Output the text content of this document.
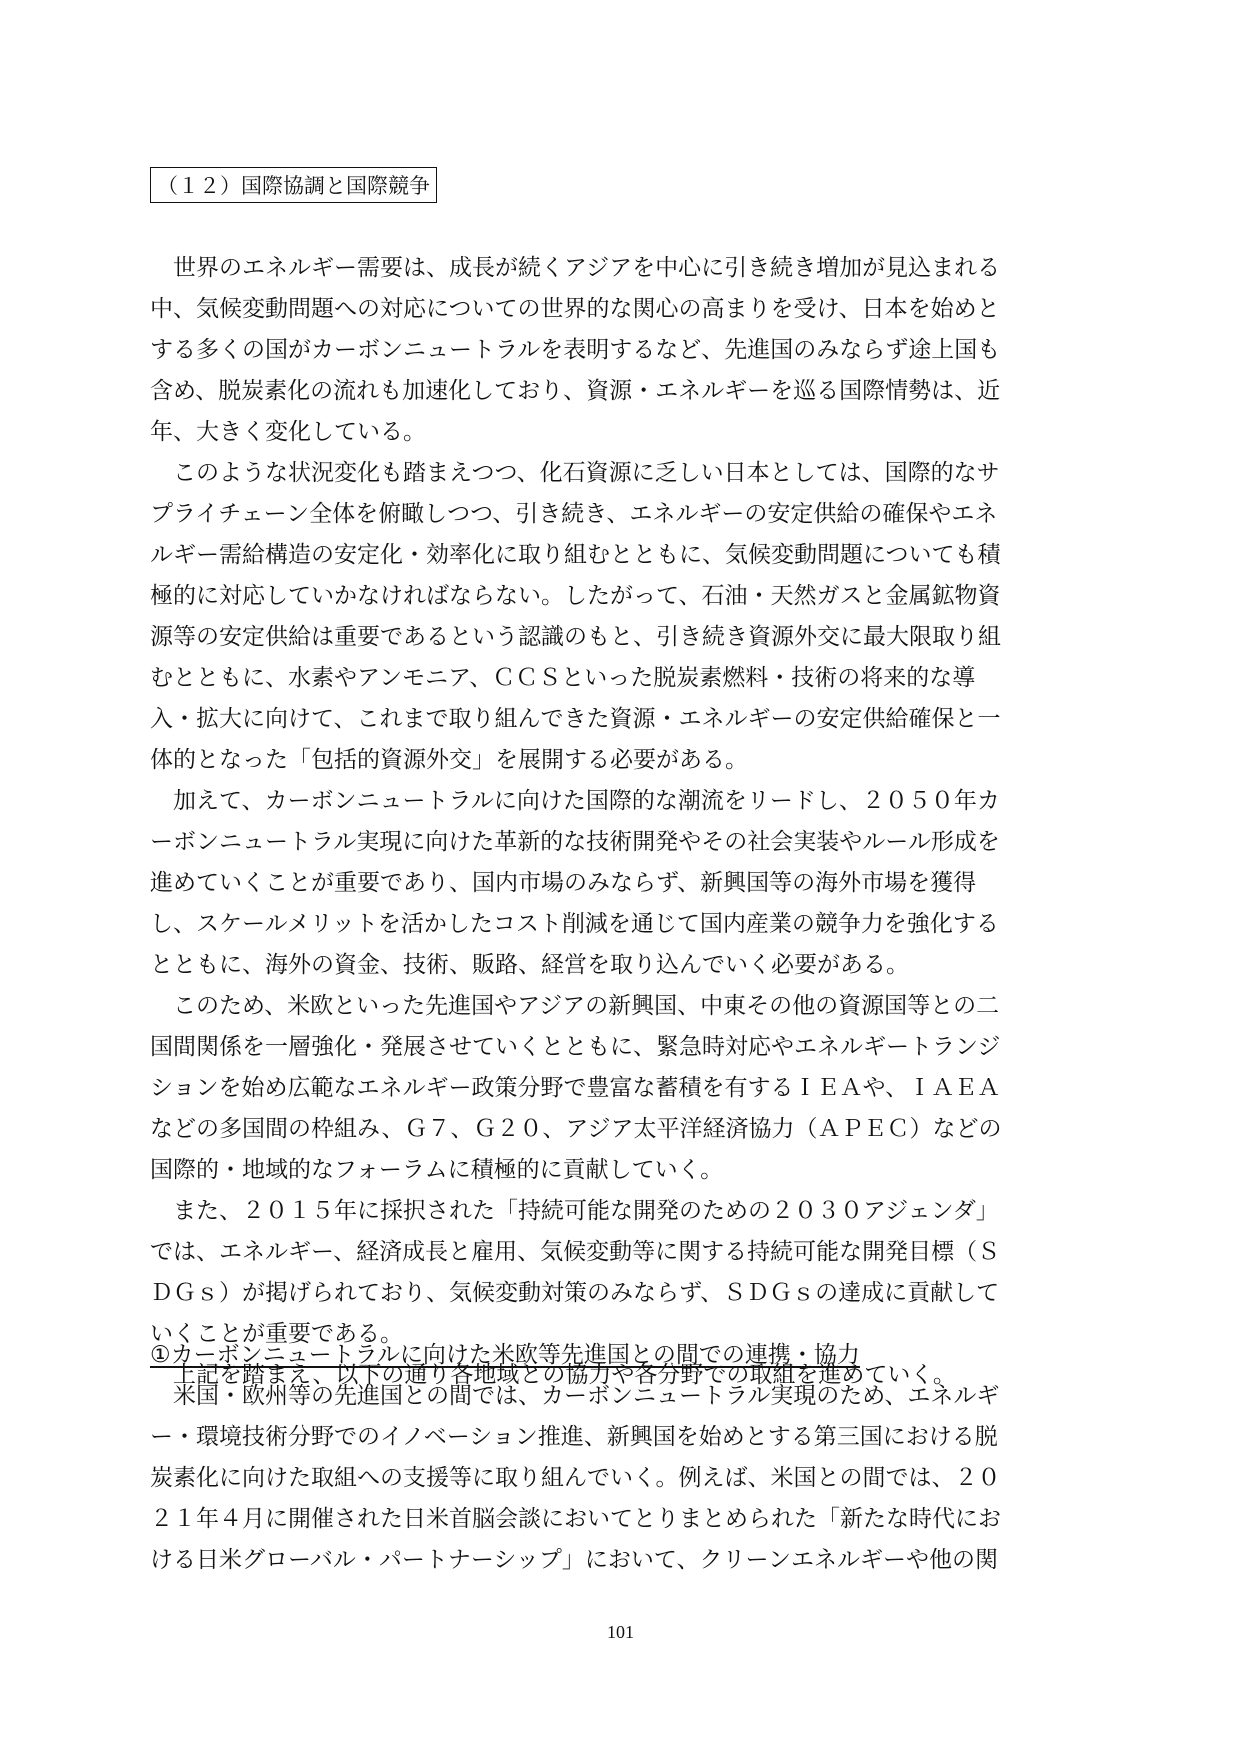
（１２）国際協調と国際競争
　世界のエネルギー需要は、成長が続くアジアを中心に引き続き増加が見込まれる
中、気候変動問題への対応についての世界的な関心の高まりを受け、日本を始めと
する多くの国がカーボンニュートラルを表明するなど、先進国のみならず途上国も
含め、脱炭素化の流れも加速化しており、資源・エネルギーを巡る国際情勢は、近
年、大きく変化している。
　このような状況変化も踏まえつつ、化石資源に乏しい日本としては、国際的なサ
プライチェーン全体を俯瞰しつつ、引き続き、エネルギーの安定供給の確保やエネ
ルギー需給構造の安定化・効率化に取り組むとともに、気候変動問題についても積
極的に対応していかなければならない。したがって、石油・天然ガスと金属鉱物資
源等の安定供給は重要であるという認識のもと、引き続き資源外交に最大限取り組
むとともに、水素やアンモニア、ＣＣＳといった脱炭素燃料・技術の将来的な導
入・拡大に向けて、これまで取り組んできた資源・エネルギーの安定供給確保と一
体的となった「包括的資源外交」を展開する必要がある。
　加えて、カーボンニュートラルに向けた国際的な潮流をリードし、２０５０年カ
ーボンニュートラル実現に向けた革新的な技術開発やその社会実装やルール形成を
進めていくことが重要であり、国内市場のみならず、新興国等の海外市場を獲得
し、スケールメリットを活かしたコスト削減を通じて国内産業の競争力を強化する
とともに、海外の資金、技術、販路、経営を取り込んでいく必要がある。
　このため、米欧といった先進国やアジアの新興国、中東その他の資源国等との二
国間関係を一層強化・発展させていくとともに、緊急時対応やエネルギートランジ
ションを始め広範なエネルギー政策分野で豊富な蓄積を有するＩＥＡや、ＩＡＥＡ
などの多国間の枠組み、Ｇ７、Ｇ２０、アジア太平洋経済協力（ＡＰＥＣ）などの
国際的・地域的なフォーラムに積極的に貢献していく。
　また、２０１５年に採択された「持続可能な開発のための２０３０アジェンダ」
では、エネルギー、経済成長と雇用、気候変動等に関する持続可能な開発目標（Ｓ
ＤＧｓ）が掲げられており、気候変動対策のみならず、ＳＤＧｓの達成に貢献して
いくことが重要である。
　上記を踏まえ、以下の通り各地域との協力や各分野での取組を進めていく。
①カーボンニュートラルに向けた米欧等先進国との間での連携・協力
　米国・欧州等の先進国との間では、カーボンニュートラル実現のため、エネルギ
ー・環境技術分野でのイノベーション推進、新興国を始めとする第三国における脱
炭素化に向けた取組への支援等に取り組んでいく。例えば、米国との間では、２０
２１年４月に開催された日米首脳会談においてとりまとめられた「新たな時代にお
ける日米グローバル・パートナーシップ」において、クリーンエネルギーや他の関
101
